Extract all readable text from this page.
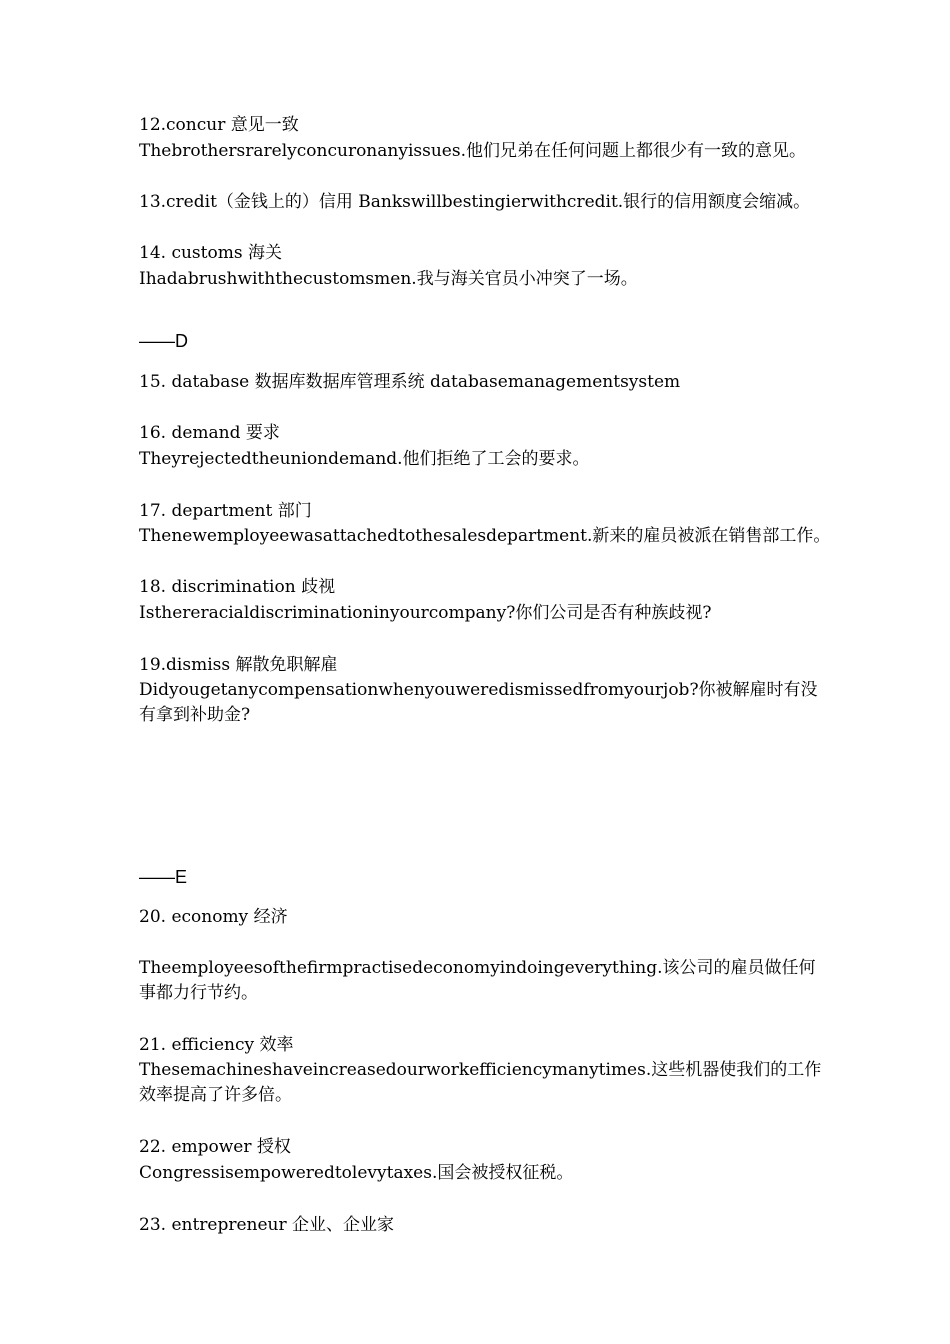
12.concur 意见一致
Thebrothersrarelyconcuronanyissues.他们兄弟在任何问题上都很少有一致的意见。
13.credit（金钱上的）信用 Bankswillbestingierwithcredit.银行的信用额度会缩减。
14. customs 海关
Ihadabrushwiththecustomsmen.我与海关官员小冲突了一场。
——D
15. database 数据库数据库管理系统 databasemanagementsystem
16. demand 要求
Theyrejectedtheuniondemand.他们拒绝了工会的要求。
17. department 部门
Thenewemployeewasattachedtothesalesdepartment.新来的雇员被派在销售部工作。
18. discrimination 歧视
Isthereracialdiscriminationinyourcompany?你们公司是否有种族歧视?
19.dismiss 解散免职解雇
Didyougetanycompensationwhenyouweredismissedfromyourjob?你被解雇时有没有拿到补助金?
——E
20. economy 经济
Theemployeesofthefirmpractisedeconomyindoingeverything.该公司的雇员做任何事都力行节约。
21. efficiency 效率
Thesemachineshaveincreasedourworkefficiencymanytimes.这些机器使我们的工作效率提高了许多倍。
22. empower 授权
Congressisempoweredtolevytaxes.国会被授权征税。
23. entrepreneur 企业、企业家
